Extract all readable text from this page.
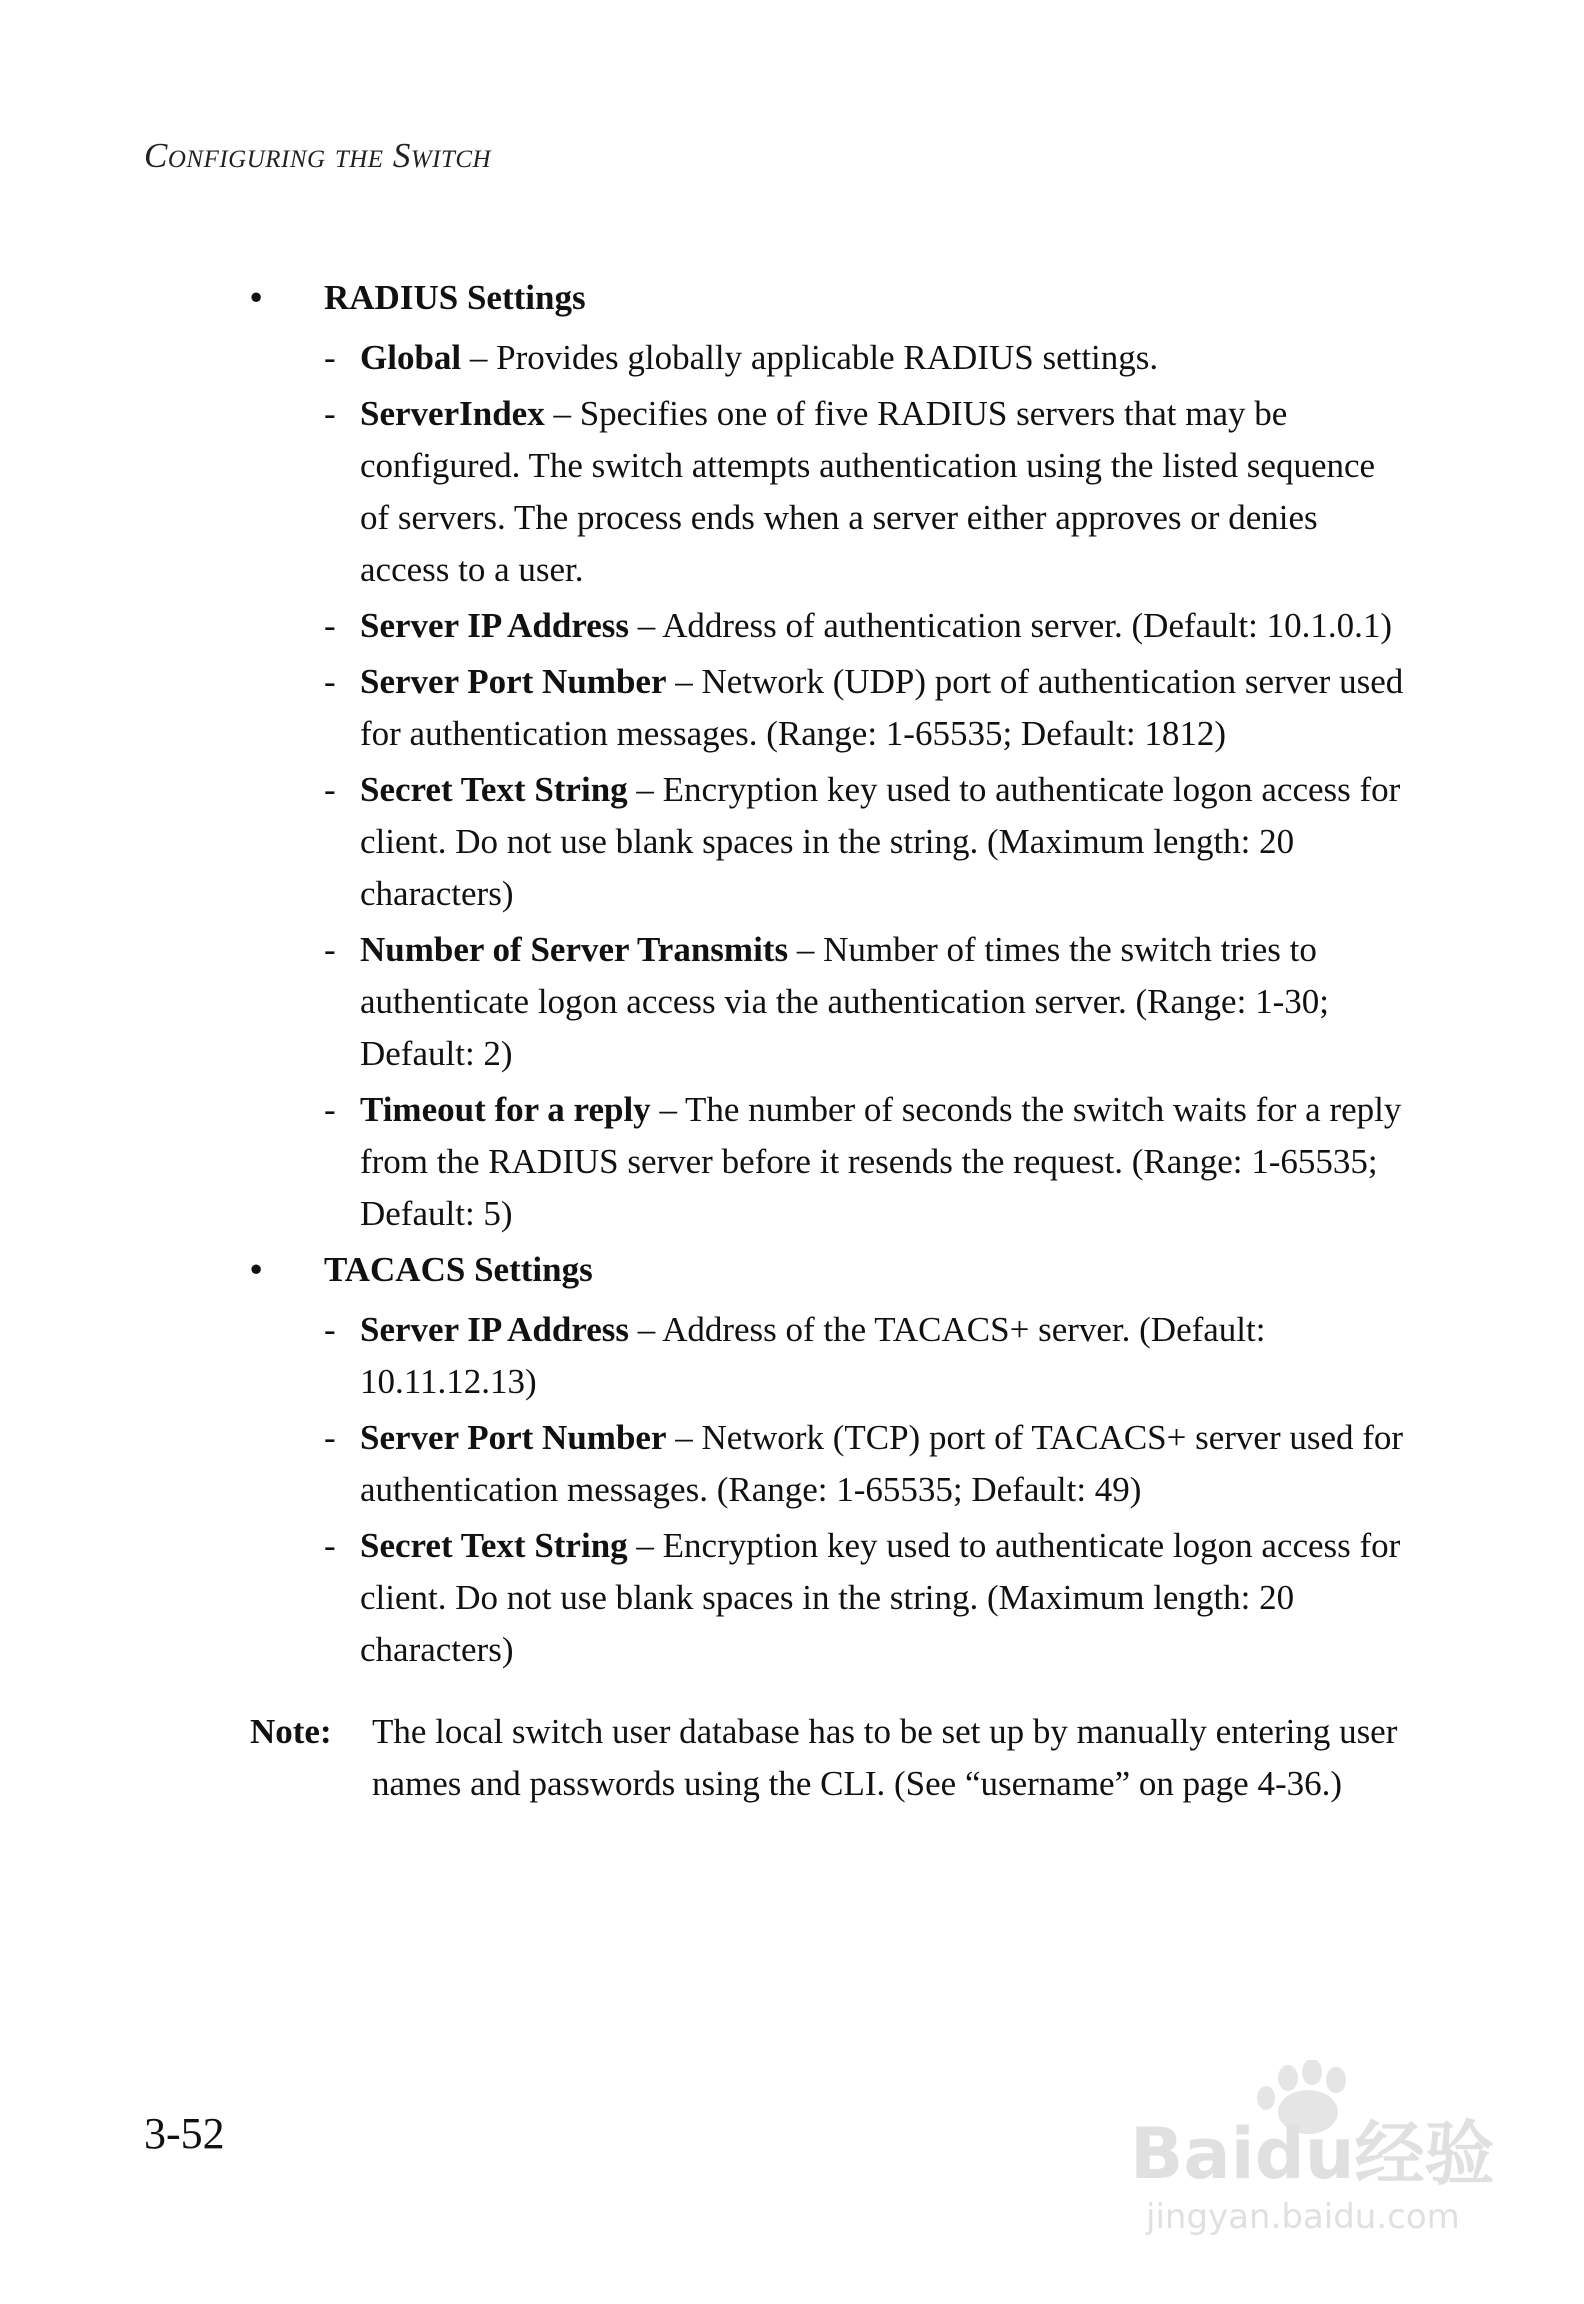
Configuring the Switch
• RADIUS Settings
- Global – Provides globally applicable RADIUS settings.
- ServerIndex – Specifies one of five RADIUS servers that may be configured. The switch attempts authentication using the listed sequence of servers. The process ends when a server either approves or denies access to a user.
- Server IP Address – Address of authentication server. (Default: 10.1.0.1)
- Server Port Number – Network (UDP) port of authentication server used for authentication messages. (Range: 1-65535; Default: 1812)
- Secret Text String – Encryption key used to authenticate logon access for client. Do not use blank spaces in the string. (Maximum length: 20 characters)
- Number of Server Transmits – Number of times the switch tries to authenticate logon access via the authentication server. (Range: 1-30; Default: 2)
- Timeout for a reply – The number of seconds the switch waits for a reply from the RADIUS server before it resends the request. (Range: 1-65535; Default: 5)
• TACACS Settings
- Server IP Address – Address of the TACACS+ server. (Default: 10.11.12.13)
- Server Port Number – Network (TCP) port of TACACS+ server used for authentication messages. (Range: 1-65535; Default: 49)
- Secret Text String – Encryption key used to authenticate logon access for client. Do not use blank spaces in the string. (Maximum length: 20 characters)
Note: The local switch user database has to be set up by manually entering user names and passwords using the CLI. (See “username” on page 4-36.)
3-52	Baidu经验
jingyan.baidu.com
